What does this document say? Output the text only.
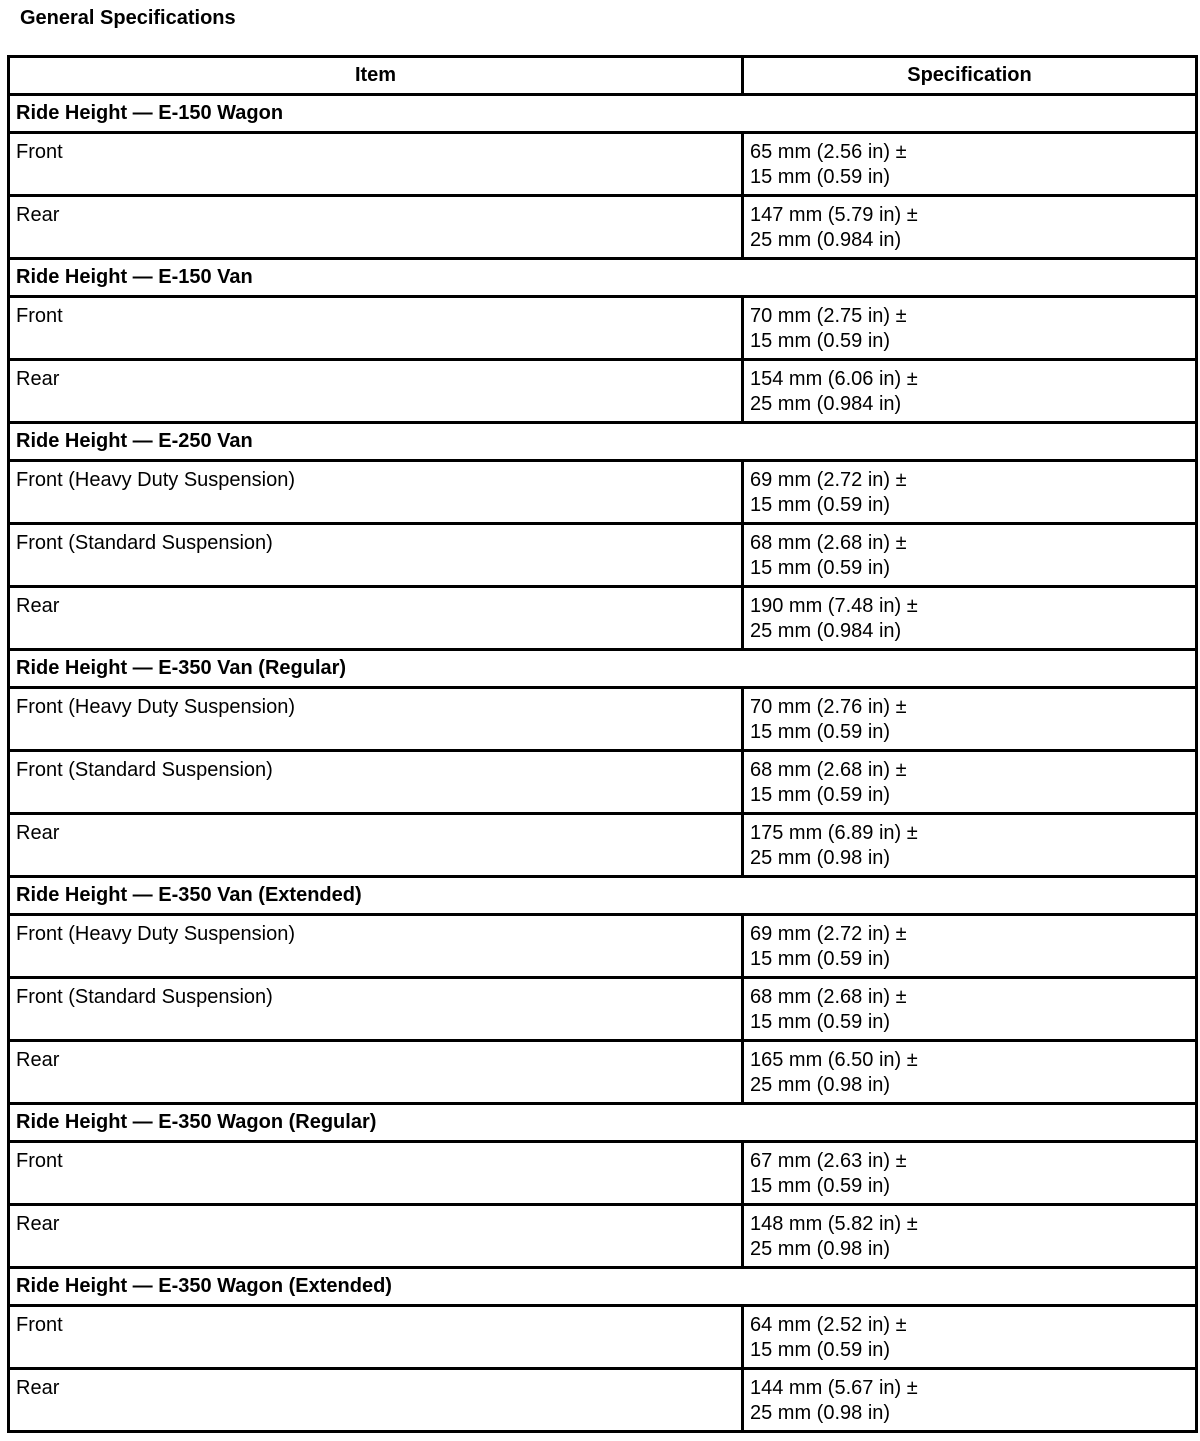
General Specifications
Item	Specification
Ride Height — E-150 Wagon	
Front	65 mm (2.56 in) ±
15 mm (0.59 in)

Rear	147 mm (5.79 in) ±
25 mm (0.984 in)

Ride Height — E-150 Van	
Front	70 mm (2.75 in) ±
15 mm (0.59 in)

Rear	154 mm (6.06 in) ±
25 mm (0.984 in)

Ride Height — E-250 Van	
Front (Heavy Duty Suspension)	69 mm (2.72 in) ±
15 mm (0.59 in)

Front (Standard Suspension)	68 mm (2.68 in) ±
15 mm (0.59 in)

Rear	190 mm (7.48 in) ±
25 mm (0.984 in)

Ride Height — E-350 Van (Regular)	
Front (Heavy Duty Suspension)	70 mm (2.76 in) ±
15 mm (0.59 in)

Front (Standard Suspension)	68 mm (2.68 in) ±
15 mm (0.59 in)

Rear	175 mm (6.89 in) ±
25 mm (0.98 in)

Ride Height — E-350 Van (Extended)	
Front (Heavy Duty Suspension)	69 mm (2.72 in) ±
15 mm (0.59 in)

Front (Standard Suspension)	68 mm (2.68 in) ±
15 mm (0.59 in)

Rear	165 mm (6.50 in) ±
25 mm (0.98 in)

Ride Height — E-350 Wagon (Regular)	
Front	67 mm (2.63 in) ±
15 mm (0.59 in)

Rear	148 mm (5.82 in) ±
25 mm (0.98 in)

Ride Height — E-350 Wagon (Extended)	
Front	64 mm (2.52 in) ±
15 mm (0.59 in)

Rear	144 mm (5.67 in) ±
25 mm (0.98 in)
